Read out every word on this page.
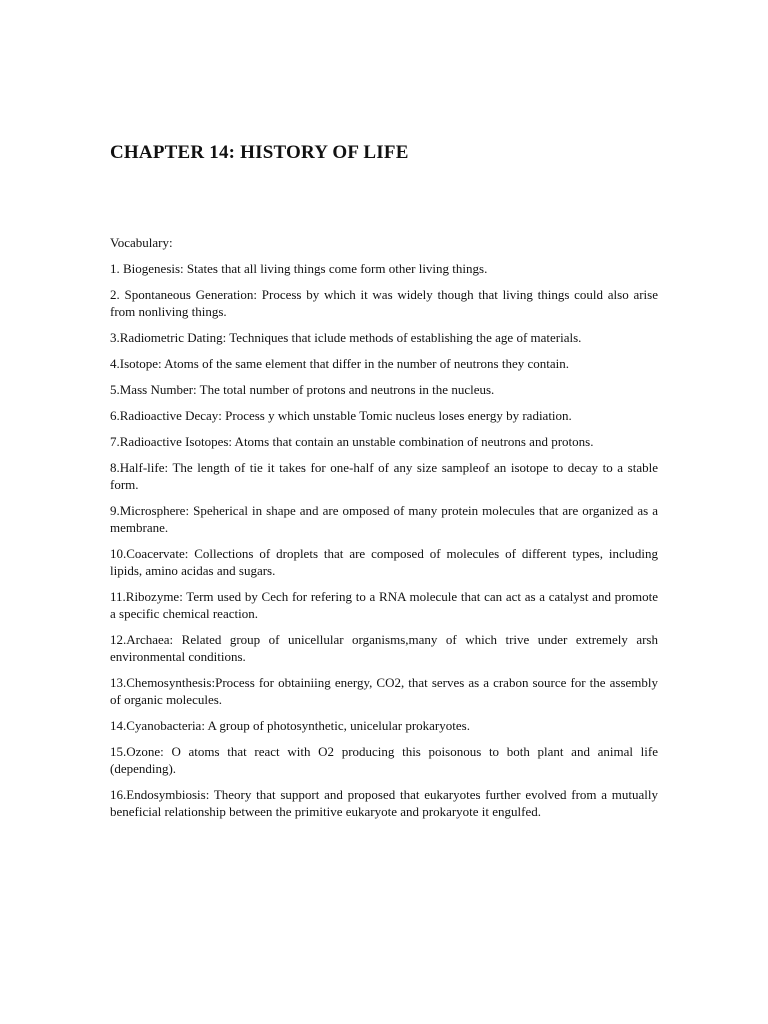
CHAPTER 14: HISTORY OF LIFE

Vocabulary:

1. Biogenesis: States that all living things come form other living things.
2. Spontaneous Generation: Process by which it was widely though that living things could also arise from nonliving things.
3.Radiometric Dating: Techniques that iclude methods of establishing the age of materials.
4.Isotope: Atoms of the same element that differ in the number of neutrons they contain.
5.Mass Number: The total number of protons and neutrons in the nucleus.
6.Radioactive Decay: Process y which unstable Tomic nucleus loses energy by radiation.
7.Radioactive Isotopes: Atoms that contain an unstable combination of neutrons and protons.
8.Half-life: The length of tie it takes for one-half of any size sampleof an isotope to decay to a stable form.
9.Microsphere: Speherical in shape and are omposed of many protein molecules that are organized as a membrane.
10.Coacervate: Collections of droplets that are composed of molecules of different types, including lipids, amino acidas and sugars.
11.Ribozyme: Term used by Cech for refering to a RNA molecule that can act as a catalyst and promote a specific chemical reaction.
12.Archaea: Related group of unicellular organisms,many of which trive under extremely arsh environmental conditions.
13.Chemosynthesis:Process for obtainiing energy, CO2, that serves as a crabon source for the assembly of organic molecules.
14.Cyanobacteria: A group of photosynthetic, unicelular prokaryotes.
15.Ozone: O atoms that react with O2 producing this poisonous to both plant and animal life (depending).
16.Endosymbiosis: Theory that support and proposed that eukaryotes further evolved from a mutually beneficial relationship between the primitive eukaryote and prokaryote it engulfed.
